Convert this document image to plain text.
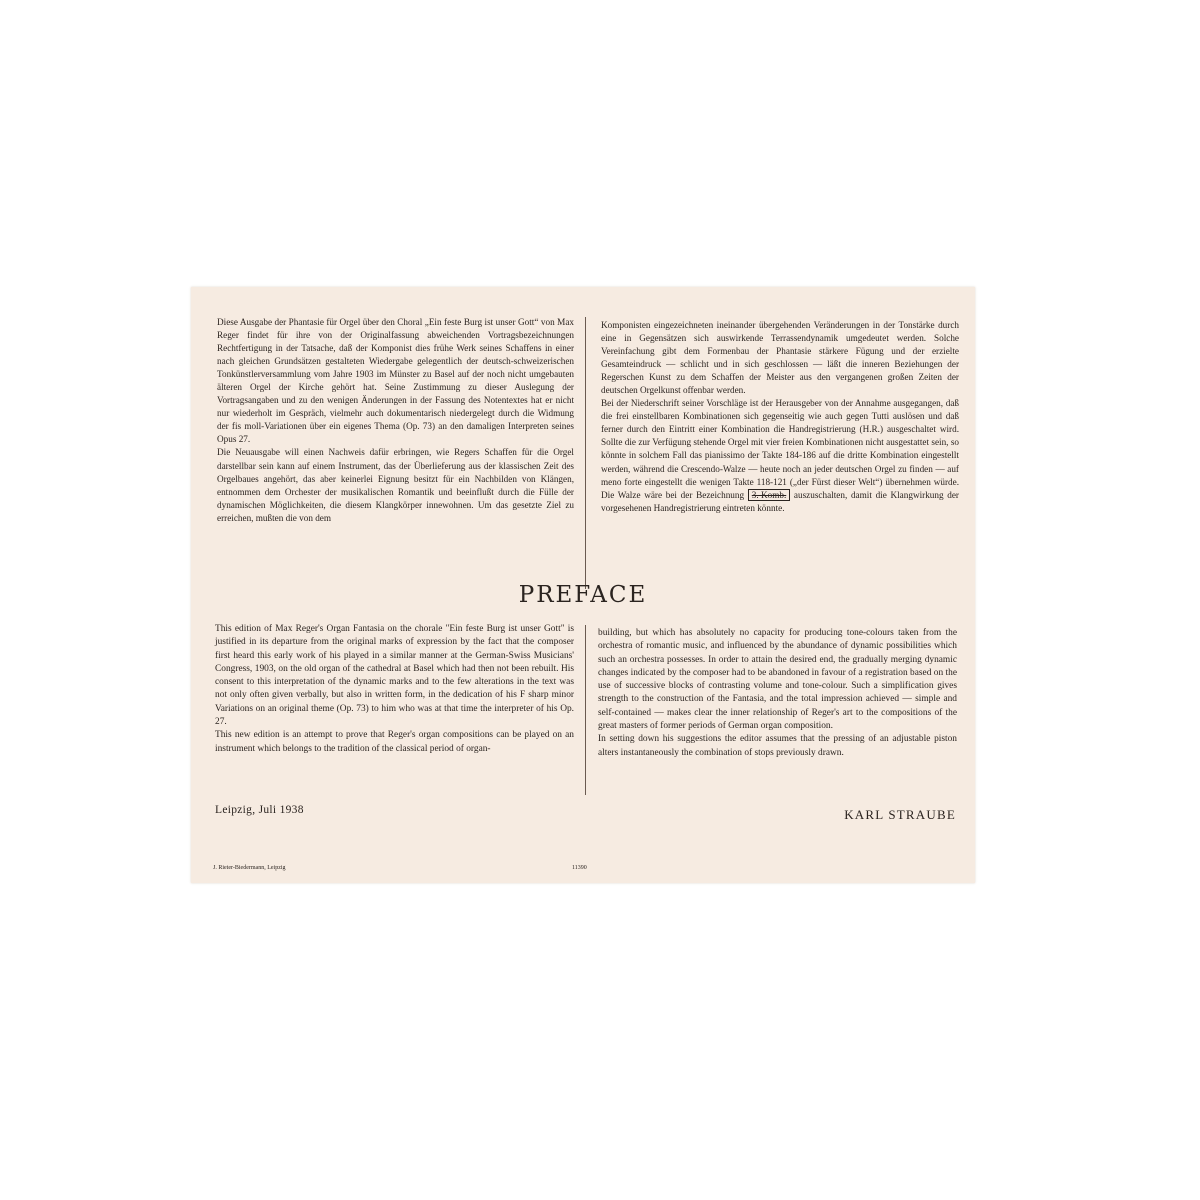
Diese Ausgabe der Phantasie für Orgel über den Choral „Ein feste Burg ist unser Gott“ von Max Reger findet für ihre von der Originalfassung abweichenden Vortragsbezeichnungen Rechtfertigung in der Tatsache, daß der Komponist dies frühe Werk seines Schaffens in einer nach gleichen Grundsätzen gestalteten Wiedergabe gelegentlich der deutsch-schweizerischen Tonkünstlerversammlung vom Jahre 1903 im Münster zu Basel auf der noch nicht umgebauten älteren Orgel der Kirche gehört hat. Seine Zustimmung zu dieser Auslegung der Vortragsangaben und zu den wenigen Änderungen in der Fassung des Notentextes hat er nicht nur wiederholt im Gespräch, vielmehr auch dokumentarisch niedergelegt durch die Widmung der fis moll-Variationen über ein eigenes Thema (Op. 73) an den damaligen Interpreten seines Opus 27.

Die Neuausgabe will einen Nachweis dafür erbringen, wie Regers Schaffen für die Orgel darstellbar sein kann auf einem Instrument, das der Überlieferung aus der klassischen Zeit des Orgelbaues angehört, das aber keinerlei Eignung besitzt für ein Nachbilden von Klängen, entnommen dem Orchester der musikalischen Romantik und beeinflußt durch die Fülle der dynamischen Möglichkeiten, die diesem Klangkörper innewohnen. Um das gesetzte Ziel zu erreichen, mußten die von dem

Komponisten eingezeichneten ineinander übergehenden Veränderungen in der Tonstärke durch eine in Gegensätzen sich auswirkende Terrassendynamik umgedeutet werden. Solche Vereinfachung gibt dem Formenbau der Phantasie stärkere Fügung und der erzielte Gesamteindruck — schlicht und in sich geschlossen — läßt die inneren Beziehungen der Regerschen Kunst zu dem Schaffen der Meister aus den vergangenen großen Zeiten der deutschen Orgelkunst offenbar werden.

Bei der Niederschrift seiner Vorschläge ist der Herausgeber von der Annahme ausgegangen, daß die frei einstellbaren Kombinationen sich gegenseitig wie auch gegen Tutti auslösen und daß ferner durch den Eintritt einer Kombination die Handregistrierung (H.R.) ausgeschaltet wird. Sollte die zur Verfügung stehende Orgel mit vier freien Kombinationen nicht ausgestattet sein, so könnte in solchem Fall das pianissimo der Takte 184-186 auf die dritte Kombination eingestellt werden, während die Crescendo-Walze — heute noch an jeder deutschen Orgel zu finden — auf meno forte eingestellt die wenigen Takte 118-121 („der Fürst dieser Welt“) übernehmen würde. Die Walze wäre bei der Bezeichnung 3. Komb. auszuschalten, damit die Klangwirkung der vorgesehenen Handregistrierung eintreten könnte.

PREFACE

This edition of Max Reger's Organ Fantasia on the chorale "Ein feste Burg ist unser Gott" is justified in its departure from the original marks of expression by the fact that the composer first heard this early work of his played in a similar manner at the German-Swiss Musicians' Congress, 1903, on the old organ of the cathedral at Basel which had then not been rebuilt. His consent to this interpretation of the dynamic marks and to the few alterations in the text was not only often given verbally, but also in written form, in the dedication of his F sharp minor Variations on an original theme (Op. 73) to him who was at that time the interpreter of his Op. 27.

This new edition is an attempt to prove that Reger's organ compositions can be played on an instrument which belongs to the tradition of the classical period of organ-

building, but which has absolutely no capacity for producing tone-colours taken from the orchestra of romantic music, and influenced by the abundance of dynamic possibilities which such an orchestra possesses. In order to attain the desired end, the gradually merging dynamic changes indicated by the composer had to be abandoned in favour of a registration based on the use of successive blocks of contrasting volume and tone-colour. Such a simplification gives strength to the construction of the Fantasia, and the total impression achieved — simple and self-contained — makes clear the inner relationship of Reger's art to the compositions of the great masters of former periods of German organ composition.

In setting down his suggestions the editor assumes that the pressing of an adjustable piston alters instantaneously the combination of stops previously drawn.

Leipzig, Juli 1938	KARL STRAUBE
J. Rieter-Biedermann, Leipzig	11390
